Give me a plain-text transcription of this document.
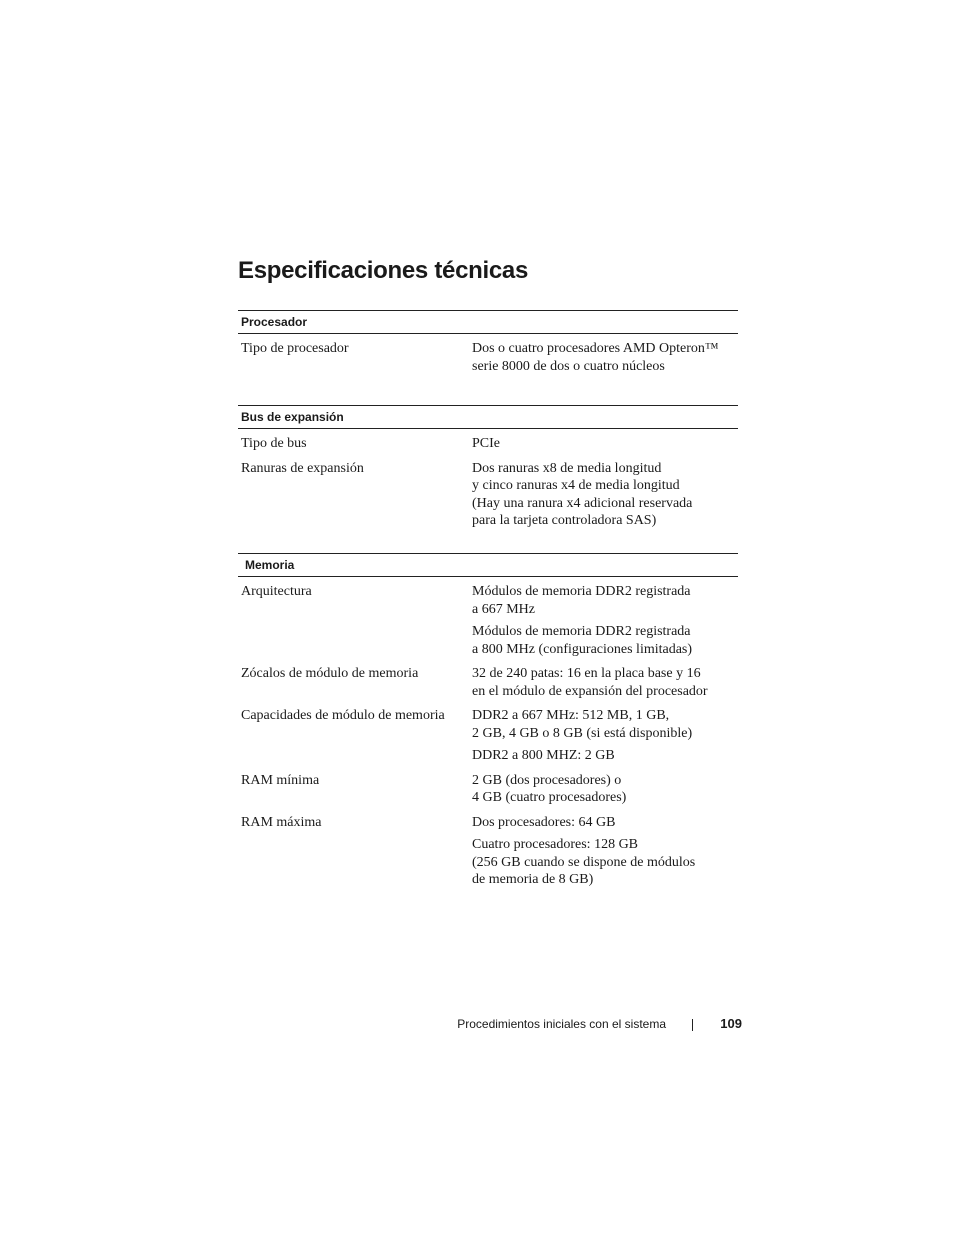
Especificaciones técnicas
Procesador
Tipo de procesador	Dos o cuatro procesadores AMD Opteron™
serie 8000 de dos o cuatro núcleos
Bus de expansión
Tipo de bus	PCIe
Ranuras de expansión	Dos ranuras x8 de media longitud
y cinco ranuras x4 de media longitud
(Hay una ranura x4 adicional reservada
para la tarjeta controladora SAS)
Memoria
Arquitectura	Módulos de memoria DDR2 registrada
a 667 MHz
Módulos de memoria DDR2 registrada
a 800 MHz (configuraciones limitadas)
Zócalos de módulo de memoria	32 de 240 patas: 16 en la placa base y 16
en el módulo de expansión del procesador
Capacidades de módulo de memoria	DDR2 a 667 MHz: 512 MB, 1 GB,
2 GB, 4 GB o 8 GB (si está disponible)
DDR2 a 800 MHZ: 2 GB
RAM mínima	2 GB (dos procesadores) o
4 GB (cuatro procesadores)
RAM máxima	Dos procesadores: 64 GB
Cuatro procesadores: 128 GB
(256 GB cuando se dispone de módulos
de memoria de 8 GB)
Procedimientos iniciales con el sistema	109
